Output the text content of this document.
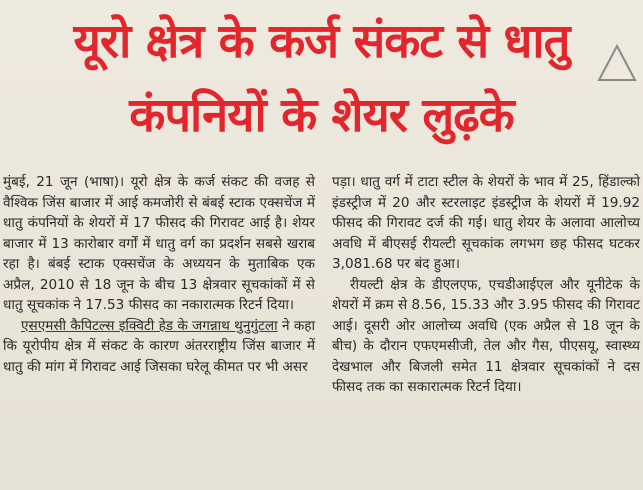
यूरो क्षेत्र के कर्ज संकट से धातु
कंपनियों के शेयर लुढ़के

मुंबई, 21 जून (भाषा)। यूरो क्षेत्र के कर्ज संकट की वजह से वैश्विक जिंस बाजार में आई कमजोरी से बंबई स्टाक एक्सचेंज में धातु कंपनियों के शेयरों में 17 फीसद की गिरावट आई है। शेयर बाजार में 13 कारोबार वर्गों में धातु वर्ग का प्रदर्शन सबसे खराब रहा है। बंबई स्टाक एक्सचेंज के अध्ययन के मुताबिक एक अप्रैल, 2010 से 18 जून के बीच 13 क्षेत्रवार सूचकांकों में से धातु सूचकांक ने 17.53 फीसद का नकारात्मक रिटर्न दिया।

एसएमसी कैपिटल्स इक्विटी हेड के जगन्नाथ थुनुगुंटला ने कहा कि यूरोपीय क्षेत्र में संकट के कारण अंतरराष्ट्रीय जिंस बाजार में धातु की मांग में गिरावट आई जिसका घरेलू कीमत पर भी असर

पड़ा। धातु वर्ग में टाटा स्टील के शेयरों के भाव में 25, हिंडाल्को इंडस्ट्रीज में 20 और स्टरलाइट इंडस्ट्रीज के शेयरों में 19.92 फीसद की गिरावट दर्ज की गई। धातु शेयर के अलावा आलोच्य अवधि में बीएसई रीयल्टी सूचकांक लगभग छह फीसद घटकर 3,081.68 पर बंद हुआ।

रीयल्टी क्षेत्र के डीएलएफ, एचडीआईएल और यूनीटेक के शेयरों में क्रम से 8.56, 15.33 और 3.95 फीसद की गिरावट आई। दूसरी ओर आलोच्य अवधि (एक अप्रैल से 18 जून के बीच) के दौरान एफएमसीजी, तेल और गैस, पीएसयू, स्वास्थ्य देखभाल और बिजली समेत 11 क्षेत्रवार सूचकांकों ने दस फीसद तक का सकारात्मक रिटर्न दिया।
